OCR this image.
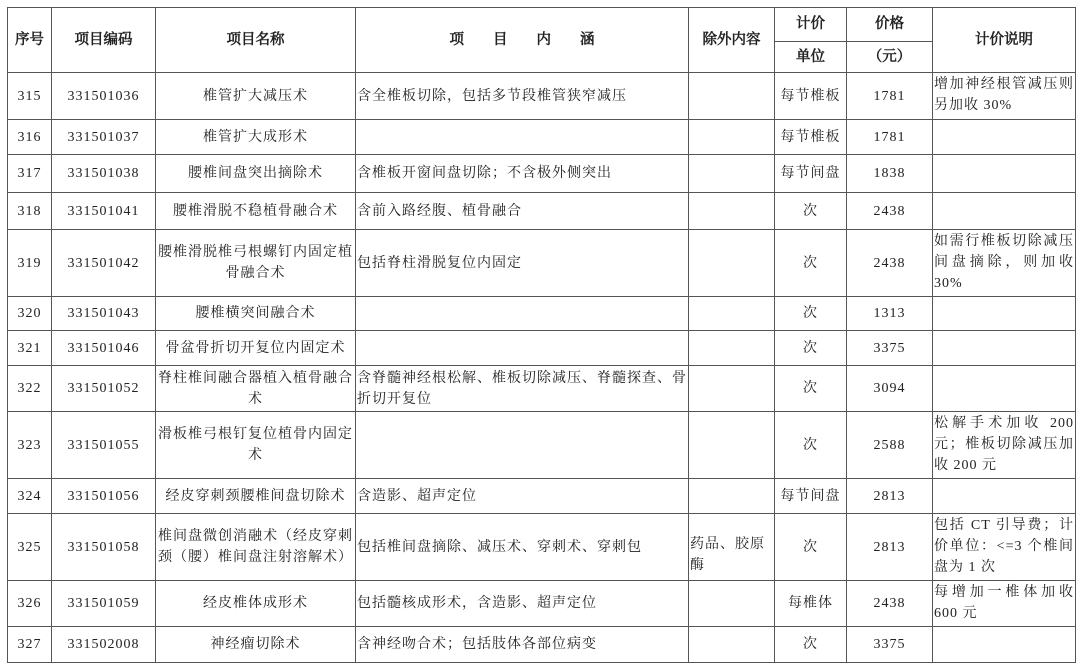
序号	项目编码	项目名称	项　　目　　内　　涵	除外内容	计价	价格	计价说明
					单位	（元）	
315	331501036	椎管扩大减压术	含全椎板切除，包括多节段椎管狭窄减压		每节椎板	1781	增加神经根管减压则另加收 30%
316	331501037	椎管扩大成形术			每节椎板	1781	
317	331501038	腰椎间盘突出摘除术	含椎板开窗间盘切除；不含极外侧突出		每节间盘	1838	
318	331501041	腰椎滑脱不稳植骨融合术	含前入路经腹、植骨融合		次	2438	
319	331501042	腰椎滑脱椎弓根螺钉内固定植骨融合术	包括脊柱滑脱复位内固定		次	2438	如需行椎板切除减压间盘摘除，则加收 30%
320	331501043	腰椎横突间融合术			次	1313	
321	331501046	骨盆骨折切开复位内固定术			次	3375	
322	331501052	脊柱椎间融合器植入植骨融合术	含脊髓神经根松解、椎板切除减压、脊髓探查、骨折切开复位		次	3094	
323	331501055	滑板椎弓根钉复位植骨内固定术			次	2588	松解手术加收 200 元；椎板切除减压加收 200 元
324	331501056	经皮穿刺颈腰椎间盘切除术	含造影、超声定位		每节间盘	2813	
325	331501058	椎间盘微创消融术（经皮穿刺颈（腰）椎间盘注射溶解术）	包括椎间盘摘除、减压术、穿刺术、穿刺包	药品、胶原酶	次	2813	包括 CT 引导费；计价单位：<=3 个椎间盘为 1 次
326	331501059	经皮椎体成形术	包括髓核成形术，含造影、超声定位		每椎体	2438	每增加一椎体加收 600 元
327	331502008	神经瘤切除术	含神经吻合术；包括肢体各部位病变		次	3375	
